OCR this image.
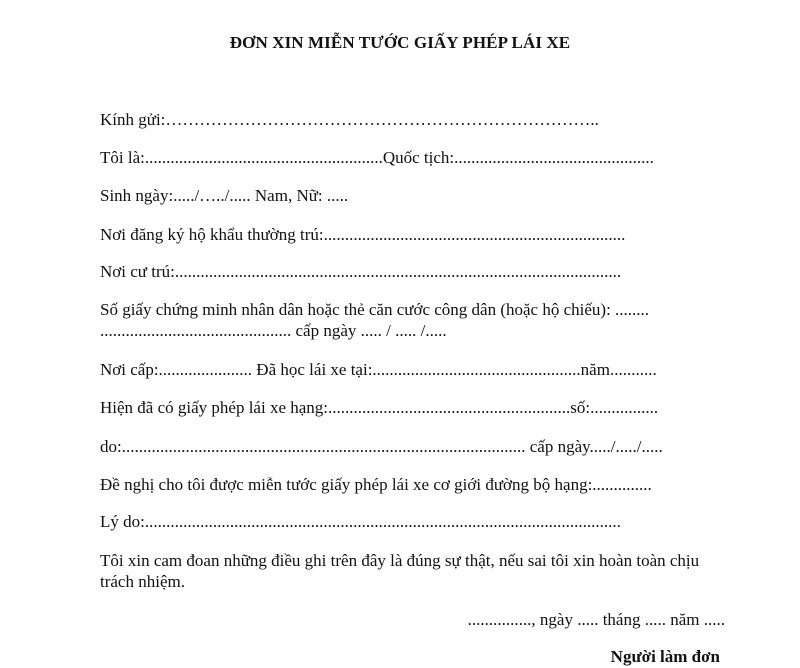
ĐƠN XIN MIỄN TƯỚC GIẤY PHÉP LÁI XE
Kính gửi:…………………………………………………………………..
Tôi là:........................................................Quốc tịch:...............................................
Sinh ngày:...../…../..... Nam, Nữ: .....
Nơi đăng ký hộ khẩu thường trú:.......................................................................
Nơi cư trú:.........................................................................................................
Số giấy chứng minh nhân dân hoặc thẻ căn cước công dân (hoặc hộ chiếu): ........
............................................. cấp ngày ..... / ..... /.....
Nơi cấp:...................... Đã học lái xe tại:.................................................năm...........
Hiện đã có giấy phép lái xe hạng:.........................................................số:................
do:............................................................................................... cấp ngày...../...../.....
Đề nghị cho tôi được miễn tước giấy phép lái xe cơ giới đường bộ hạng:..............
Lý do:................................................................................................................
Tôi xin cam đoan những điều ghi trên đây là đúng sự thật, nếu sai tôi xin hoàn toàn chịu
trách nhiệm.
..............., ngày ..... tháng ..... năm .....
Người làm đơn
